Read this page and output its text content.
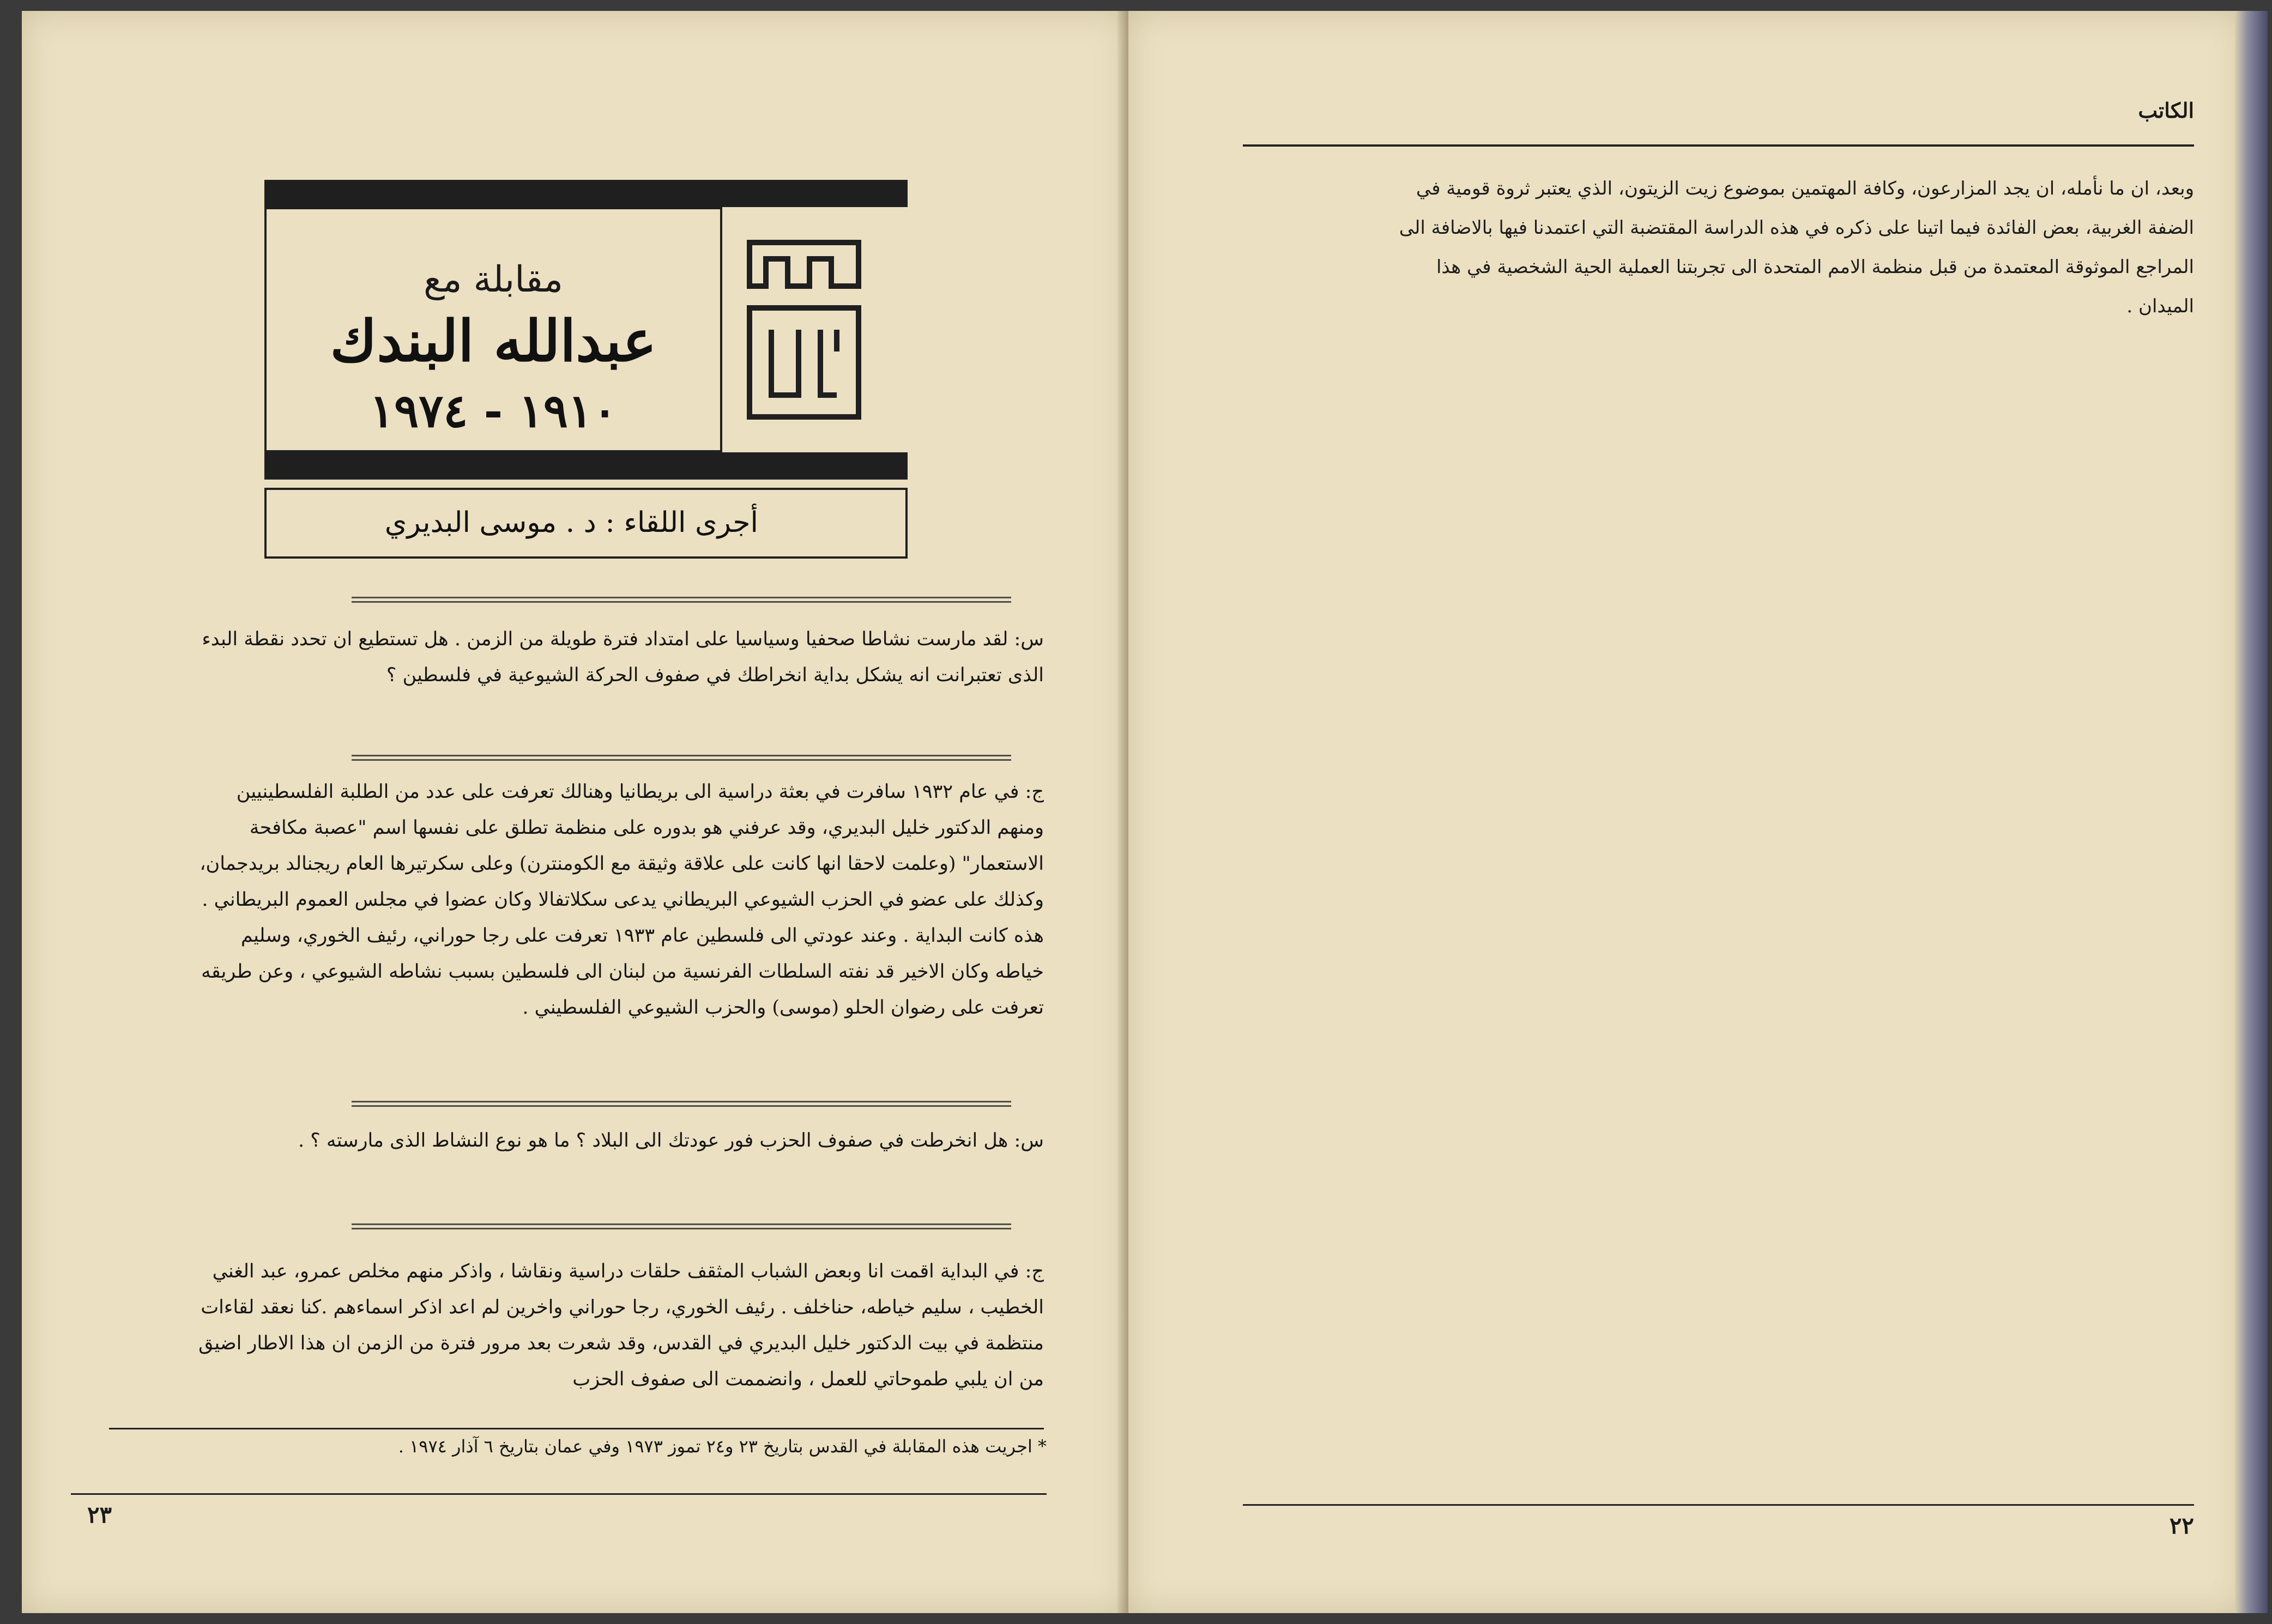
مقابلة مع
عبدالله البندك
١٩١٠ - ١٩٧٤
أجرى اللقاء : د . موسى البديري
س: لقد مارست نشاطا صحفيا وسياسيا على امتداد فترة طويلة من الزمن . هل تستطيع ان تحدد نقطة البدء الذى تعتبرانت انه يشكل بداية انخراطك في صفوف الحركة الشيوعية في فلسطين ؟
ج: في عام ١٩٣٢ سافرت في بعثة دراسية الى بريطانيا وهنالك تعرفت على عدد من الطلبة الفلسطينيين ومنهم الدكتور خليل البديري، وقد عرفني هو بدوره على منظمة تطلق على نفسها اسم "عصبة مكافحة الاستعمار" (وعلمت لاحقا انها كانت على علاقة وثيقة مع الكومنترن) وعلى سكرتيرها العام ريجنالد بريدجمان، وكذلك على عضو في الحزب الشيوعي البريطاني يدعى سكلاتفالا وكان عضوا في مجلس العموم البريطاني . هذه كانت البداية . وعند عودتي الى فلسطين عام ١٩٣٣ تعرفت على رجا حوراني، رئيف الخوري، وسليم خياطه وكان الاخير قد نفته السلطات الفرنسية من لبنان الى فلسطين بسبب نشاطه الشيوعي ، وعن طريقه تعرفت على رضوان الحلو (موسى) والحزب الشيوعي الفلسطيني .
س: هل انخرطت في صفوف الحزب فور عودتك الى البلاد ؟ ما هو نوع النشاط الذى مارسته ؟ .
ج: في البداية اقمت انا وبعض الشباب المثقف حلقات دراسية ونقاشا ، واذكر منهم مخلص عمرو، عبد الغني الخطيب ، سليم خياطه، حناخلف . رئيف الخوري، رجا حوراني واخرين لم اعد اذكر اسماءهم .كنا نعقد لقاءات منتظمة في بيت الدكتور خليل البديري في القدس، وقد شعرت بعد مرور فترة من الزمن ان هذا الاطار اضيق من ان يلبي طموحاتي للعمل ، وانضممت الى صفوف الحزب
* اجريت هذه المقابلة في القدس بتاريخ ٢٣ و٢٤ تموز ١٩٧٣ وفي عمان بتاريخ ٦ آذار ١٩٧٤ .
٢٣
الكاتب
وبعد، ان ما نأمله، ان يجد المزارعون، وكافة المهتمين بموضوع زيت الزيتون، الذي يعتبر ثروة قومية في الضفة الغربية، بعض الفائدة فيما اتينا على ذكره في هذه الدراسة المقتضبة التي اعتمدنا فيها بالاضافة الى المراجع الموثوقة المعتمدة من قبل منظمة الامم المتحدة الى تجربتنا العملية الحية الشخصية في هذا الميدان .
٢٢
